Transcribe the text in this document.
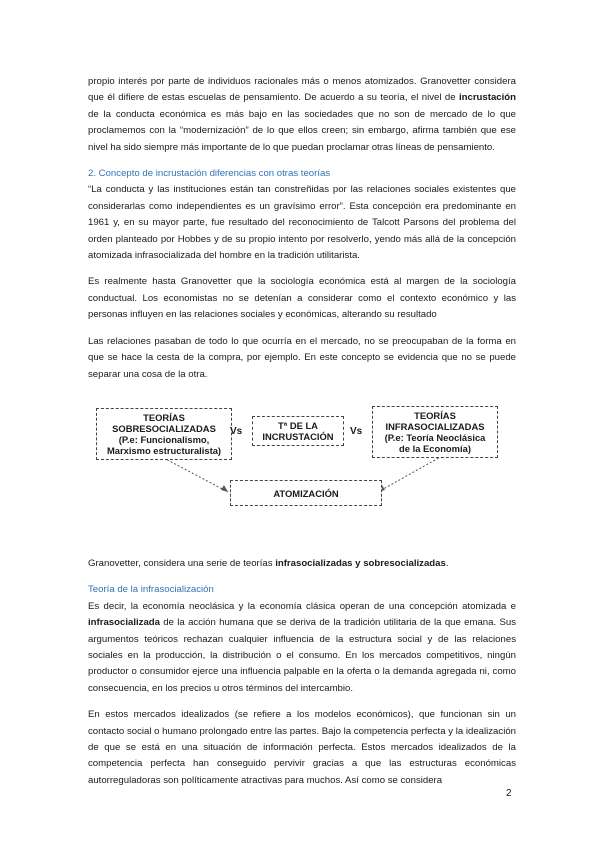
propio interés por parte de individuos racionales más o menos atomizados. Granovetter considera que él difiere de estas escuelas de pensamiento. De acuerdo a su teoría, el nivel de incrustación de la conducta económica es más bajo en las sociedades que no son de mercado de lo que proclamemos con la “modernización” de lo que ellos creen; sin embargo, afirma también que ese nivel ha sido siempre más importante de lo que puedan proclamar otras líneas de pensamiento.

2. Concepto de incrustación diferencias con otras teorías

“La conducta y las instituciones están tan constreñidas por las relaciones sociales existentes que considerarlas como independientes es un gravísimo error”. Esta concepción era predominante en 1961 y, en su mayor parte, fue resultado del reconocimiento de Talcott Parsons del problema del orden planteado por Hobbes y de su propio intento por resolverlo, yendo más allá de la concepción atomizada infrasocializada del hombre en la tradición utilitarista.

Es realmente hasta Granovetter que la sociología económica está al margen de la sociología conductual. Los economistas no se detenían a considerar como el contexto económico y las personas influyen en las relaciones sociales y económicas, alterando su resultado

Las relaciones pasaban de todo lo que ocurría en el mercado, no se preocupaban de la forma en que se hace la cesta de la compra, por ejemplo. En este concepto se evidencia que no se puede separar una cosa de la otra.

TEORÍAS
SOBRESOCIALIZADAS
(P.e: Funcionalismo,
Marxismo estructuralista)
Vs
Tª DE LA
INCRUSTACIÓN	Vs
TEORÍAS
INFRASOCIALIZADAS
(P.e: Teoría Neoclásica
de la Economía)
ATOMIZACIÓN

Granovetter, considera una serie de teorías infrasocializadas y sobresocializadas.

Teoría de la infrasocialización

Es decir, la economía neoclásica y la economía clásica operan de una concepción atomizada e infrasocializada de la acción humana que se deriva de la tradición utilitaria de la que emana. Sus argumentos teóricos rechazan cualquier influencia de la estructura social y de las relaciones sociales en la producción, la distribución o el consumo. En los mercados competitivos, ningún productor o consumidor ejerce una influencia palpable en la oferta o la demanda agregada ni, como consecuencia, en los precios u otros términos del intercambio.

En estos mercados idealizados (se refiere a los modelos económicos), que funcionan sin un contacto social o humano prolongado entre las partes. Bajo la competencia perfecta y la idealización de que se está en una situación de información perfecta. Estos mercados idealizados de la competencia perfecta han conseguido pervivir gracias a que las estructuras económicas autorreguladoras son políticamente atractivas para muchos. Así como se considera

2
